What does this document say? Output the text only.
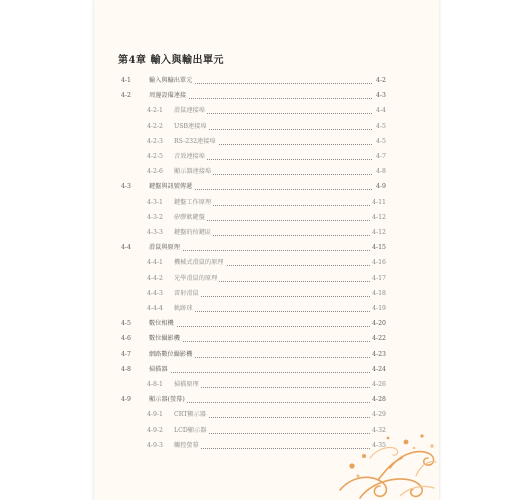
第4章 輸入與輸出單元
4-1	輸入與輸出單元	4-2
4-2	周邊設備連接	4-3
4-2-1 滑鼠連接埠	4-4
4-2-2 USB連接埠	4-5
4-2-3 RS-232連接埠	4-5
4-2-5 音效連接埠	4-7
4-2-6 顯示器連接埠	4-8
4-3	鍵盤與訊號傳遞	4-9
4-3-1 鍵盤工作原理	4-11
4-3-2 矽膠軟鍵盤	4-12
4-3-3 鍵盤的按鍵區	4-12
4-4	滑鼠與原理	4-15
4-4-1 機械式滑鼠的原理	4-16
4-4-2 光學滑鼠的原理	4-17
4-4-3 雷射滑鼠	4-18
4-4-4 軌跡球	4-19
4-5	數位相機	4-20
4-6	數位攝影機	4-22
4-7	網路數位攝影機	4-23
4-8	掃描器	4-24
4-8-1 掃描原理	4-26
4-9	顯示器(螢幕)	4-28
4-9-1 CRT顯示器	4-29
4-9-2 LCD顯示器	4-32
4-9-3 觸控螢幕	4-35
